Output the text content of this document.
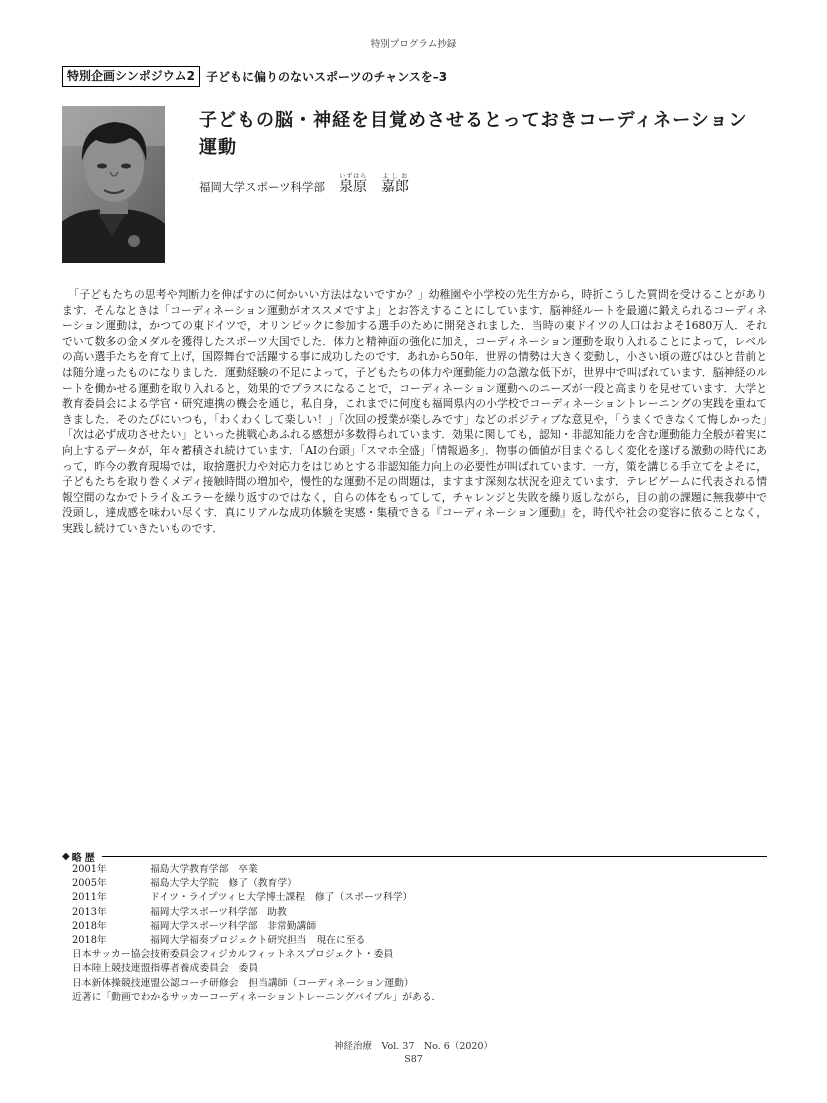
特別プログラム抄録
特別企画シンポジウム2 子どもに偏りのないスポーツのチャンスを–3
子どもの脳・神経を目覚めさせるとっておきコーディネーション
運動
福岡大学スポーツ科学部 泉原いずはら
嘉郎よしお
「子どもたちの思考や判断力を伸ばすのに何かいい方法はないですか？」幼稚園や小学校の先生方から，時折こうした質問を受けることがあります．そんなときは「コーディネーション運動がオススメですよ」とお答えすることにしています．脳神経ルートを最適に鍛えられるコーディネーション運動は，かつての東ドイツで，オリンピックに参加する選手のために開発されました．当時の東ドイツの人口はおよそ1680万人．それでいて数多の金メダルを獲得したスポーツ大国でした．体力と精神面の強化に加え，コーディネーション運動を取り入れることによって，レベルの高い選手たちを育て上げ，国際舞台で活躍する事に成功したのです．あれから50年．世界の情勢は大きく変動し，小さい頃の遊びはひと昔前とは随分違ったものになりました．運動経験の不足によって，子どもたちの体力や運動能力の急激な低下が，世界中で叫ばれています．脳神経のルートを働かせる運動を取り入れると，効果的でプラスになることで，コーディネーション運動へのニーズが一段と高まりを見せています．大学と教育委員会による学官・研究連携の機会を通じ，私自身，これまでに何度も福岡県内の小学校でコーディネーショントレーニングの実践を重ねてきました．そのたびにいつも，「わくわくして楽しい！」「次回の授業が楽しみです」などのポジティブな意見や，「うまくできなくて悔しかった」「次は必ず成功させたい」といった挑戦心あふれる感想が多数得られています．効果に関しても，認知・非認知能力を含む運動能力全般が着実に向上するデータが，年々蓄積され続けています．「AIの台頭」「スマホ全盛」「情報過多」．物事の価値が目まぐるしく変化を遂げる激動の時代にあって，昨今の教育現場では，取捨選択力や対応力をはじめとする非認知能力向上の必要性が叫ばれています．一方，策を講じる手立てをよそに，子どもたちを取り巻くメディ接触時間の増加や，慢性的な運動不足の問題は，ますます深刻な状況を迎えています．テレビゲームに代表される情報空間のなかでトライ＆エラーを繰り返すのではなく，自らの体をもってして，チャレンジと失敗を繰り返しながら，目の前の課題に無我夢中で没頭し，達成感を味わい尽くす．真にリアルな成功体験を実感・集積できる『コーディネーション運動』を，時代や社会の変容に依ることなく，実践し続けていきたいものです．
◆ 略歴
2001年	福島大学教育学部　卒業
2005年	福島大学大学院　修了（教育学）
2011年	ドイツ・ライプツィヒ大学博士課程　修了（スポーツ科学）
2013年	福岡大学スポーツ科学部　助教
2018年	福岡大学スポーツ科学部　非常勤講師
2018年	福岡大学福奏プロジェクト研究担当　現在に至る
日本サッカー協会技術委員会フィジカルフィットネスプロジェクト・委員
日本陸上競技連盟指導者養成委員会　委員
日本新体操競技連盟公認コーチ研修会　担当講師（コーディネーション運動）
近著に「動画でわかるサッカーコーディネーショントレーニングバイブル」がある．
神経治療　Vol. 37　No. 6（2020）
S87
